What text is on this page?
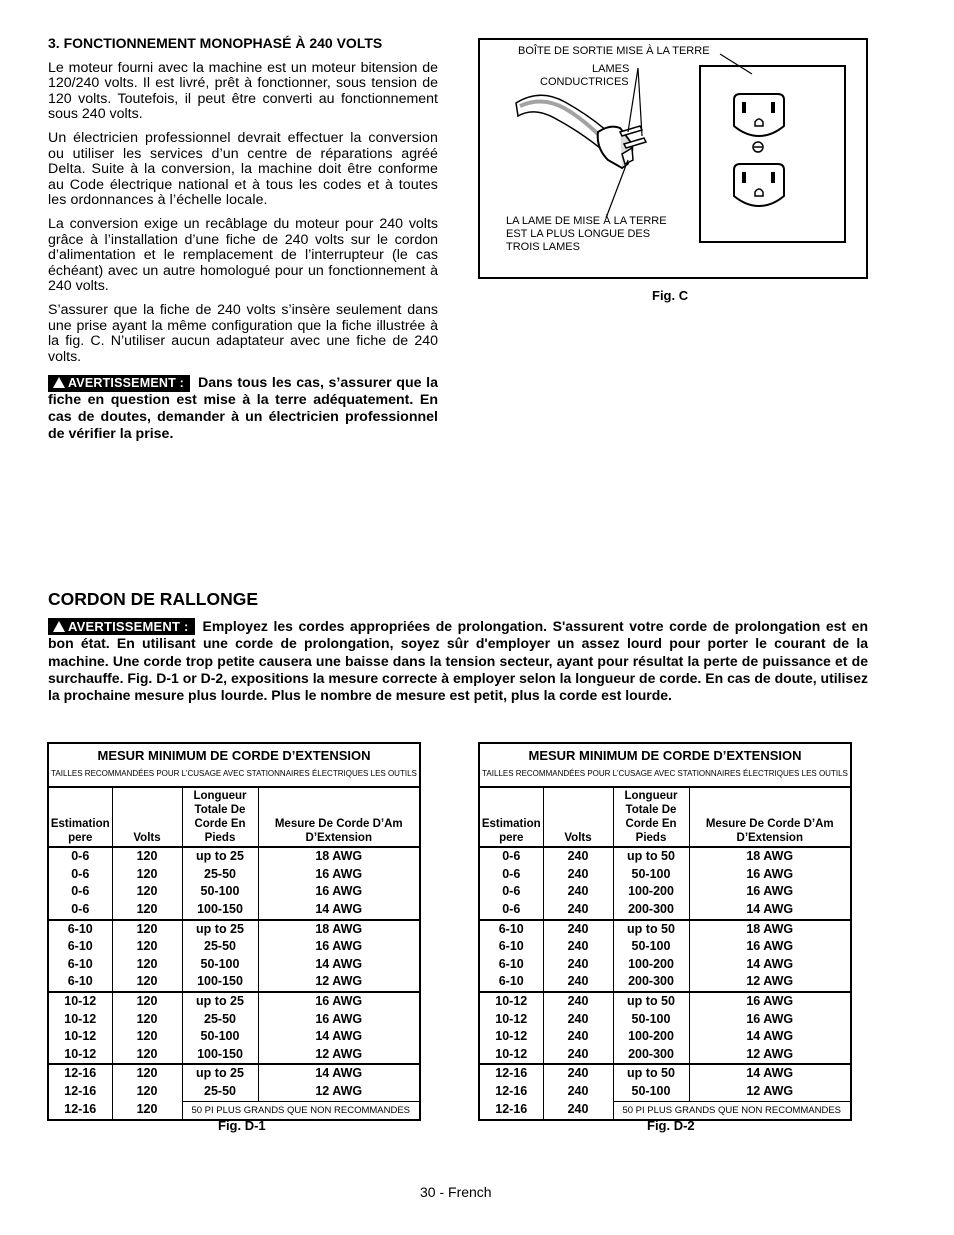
3. FONCTIONNEMENT MONOPHASÉ À 240 VOLTS

Le moteur fourni avec la machine est un moteur bitension de 120/240 volts. Il est livré, prêt à fonctionner, sous tension de 120 volts. Toutefois, il peut être converti au fonctionnement sous 240 volts.

Un électricien professionnel devrait effectuer la conversion ou utiliser les services d’un centre de réparations agréé Delta. Suite à la conversion, la machine doit être conforme au Code électrique national et à tous les codes et à toutes les ordonnances à l’échelle locale.

La conversion exige un recâblage du moteur pour 240 volts grâce à l’installation d’une fiche de 240 volts sur le cordon d’alimentation et le remplacement de l’interrupteur (le cas échéant) avec un autre homologué pour un fonctionnement à 240 volts.

S’assurer que la fiche de 240 volts s’insère seulement dans une prise ayant la même configuration que la fiche illustrée à la fig. C. N’utiliser aucun adaptateur avec une fiche de 240 volts.

AVERTISSEMENT : Dans tous les cas, s’assurer que la fiche en question est mise à la terre adéquatement. En cas de doutes, demander à un électricien professionnel de vérifier la prise.

BOÎTE DE SORTIE MISE À LA TERRE
LAMES
CONDUCTRICES
LA LAME DE MISE À LA TERRE
EST LA PLUS LONGUE DES
TROIS LAMES
Fig. C
CORDON DE RALLONGE
AVERTISSEMENT : Employez les cordes appropriées de prolongation. S'assurent votre corde de prolongation est en bon état. En utilisant une corde de prolongation, soyez sûr d'employer un assez lourd pour porter le courant de la machine. Une corde trop petite causera une baisse dans la tension secteur, ayant pour résultat la perte de puissance et de surchauffe. Fig. D-1 or D-2, expositions la mesure correcte à employer selon la longueur de corde. En cas de doute, utilisez la prochaine mesure plus lourde. Plus le nombre de mesure est petit, plus la corde est lourde.
MESUR MINIMUM DE CORDE D’EXTENSION			
TAILLES RECOMMANDÉES POUR L’CUSAGE AVEC STATIONNAIRES ÉLECTRIQUES LES OUTILS			
Estimation
pere	Volts	Longueur
Totale De
Corde En
Pieds	Mesure De Corde D’Am
D’Extension
0-6	120	up to 25	18 AWG
0-6	120	25-50	16 AWG
0-6	120	50-100	16 AWG
0-6	120	100-150	14 AWG
6-10	120	up to 25	18 AWG
6-10	120	25-50	16 AWG
6-10	120	50-100	14 AWG
6-10	120	100-150	12 AWG
10-12	120	up to 25	16 AWG
10-12	120	25-50	16 AWG
10-12	120	50-100	14 AWG
10-12	120	100-150	12 AWG
12-16	120	up to 25	14 AWG
12-16	120	25-50	12 AWG
12-16	120	50 PI PLUS GRANDS QUE NON RECOMMANDES	
Fig. D-1
MESUR MINIMUM DE CORDE D’EXTENSION			
TAILLES RECOMMANDÉES POUR L’CUSAGE AVEC STATIONNAIRES ÉLECTRIQUES LES OUTILS			
Estimation
pere	Volts	Longueur
Totale De
Corde En
Pieds	Mesure De Corde D’Am
D’Extension
0-6	240	up to 50	18 AWG
0-6	240	50-100	16 AWG
0-6	240	100-200	16 AWG
0-6	240	200-300	14 AWG
6-10	240	up to 50	18 AWG
6-10	240	50-100	16 AWG
6-10	240	100-200	14 AWG
6-10	240	200-300	12 AWG
10-12	240	up to 50	16 AWG
10-12	240	50-100	16 AWG
10-12	240	100-200	14 AWG
10-12	240	200-300	12 AWG
12-16	240	up to 50	14 AWG
12-16	240	50-100	12 AWG
12-16	240	50 PI PLUS GRANDS QUE NON RECOMMANDES	
Fig. D-2
30 - French
